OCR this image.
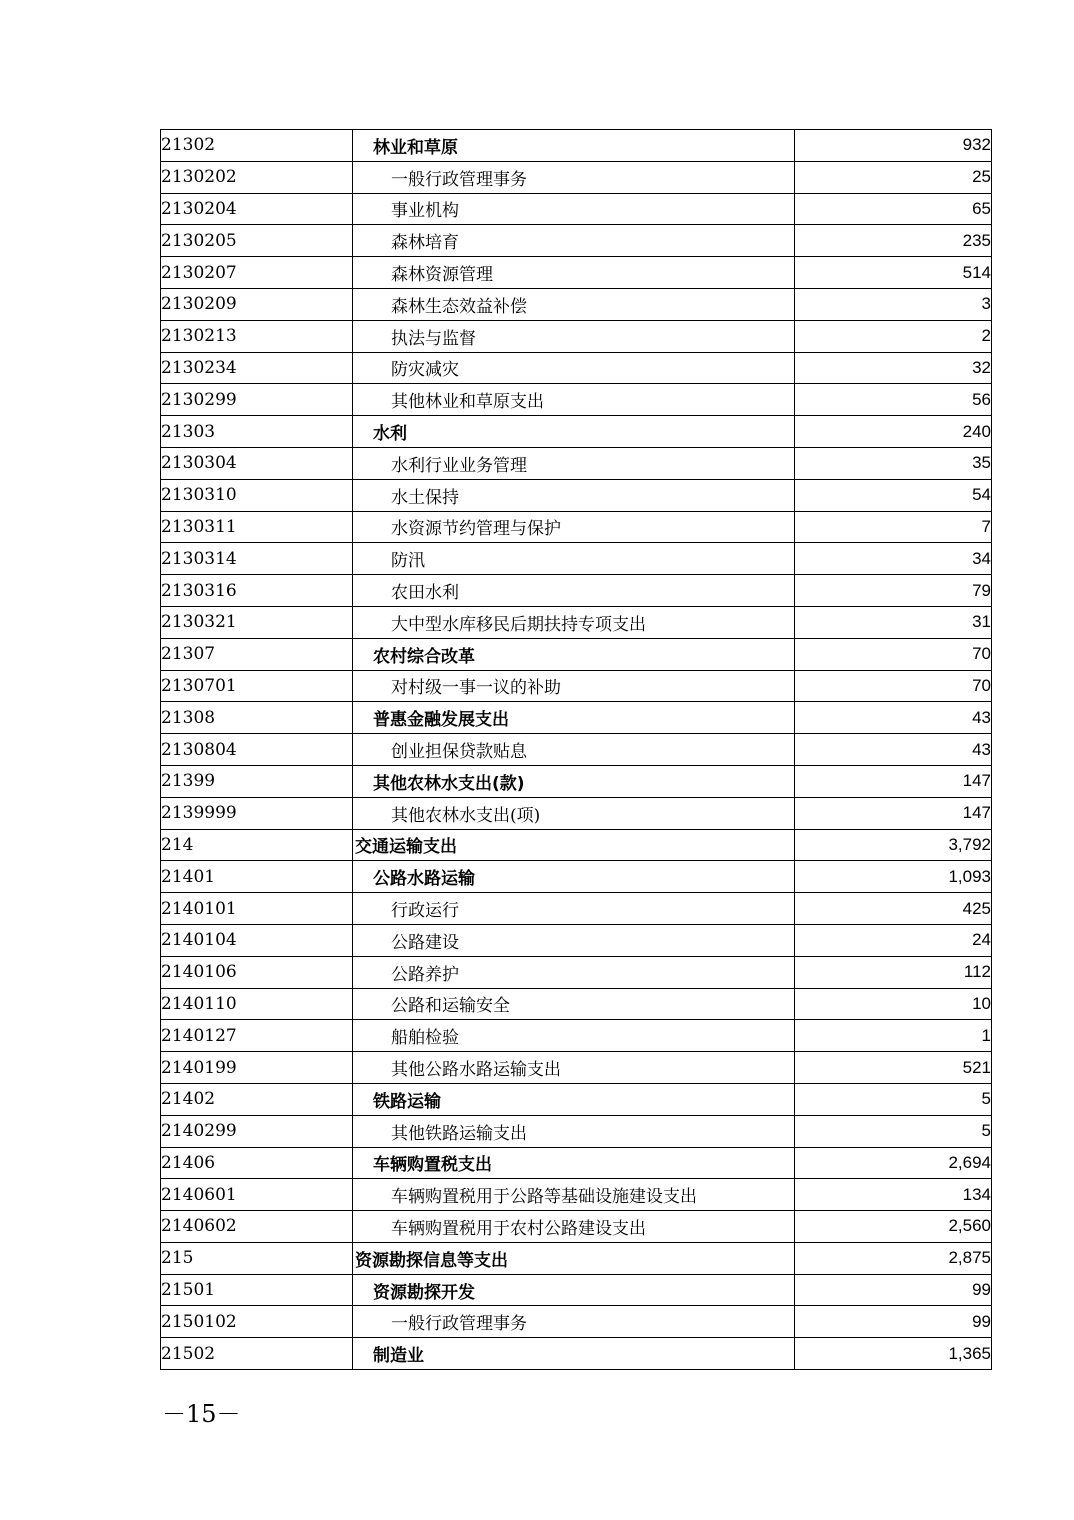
21302	林业和草原	932
2130202	一般行政管理事务	25
2130204	事业机构	65
2130205	森林培育	235
2130207	森林资源管理	514
2130209	森林生态效益补偿	3
2130213	执法与监督	2
2130234	防灾减灾	32
2130299	其他林业和草原支出	56
21303	水利	240
2130304	水利行业业务管理	35
2130310	水土保持	54
2130311	水资源节约管理与保护	7
2130314	防汛	34
2130316	农田水利	79
2130321	大中型水库移民后期扶持专项支出	31
21307	农村综合改革	70
2130701	对村级一事一议的补助	70
21308	普惠金融发展支出	43
2130804	创业担保贷款贴息	43
21399	其他农林水支出(款)	147
2139999	其他农林水支出(项)	147
214	交通运输支出	3,792
21401	公路水路运输	1,093
2140101	行政运行	425
2140104	公路建设	24
2140106	公路养护	112
2140110	公路和运输安全	10
2140127	船舶检验	1
2140199	其他公路水路运输支出	521
21402	铁路运输	5
2140299	其他铁路运输支出	5
21406	车辆购置税支出	2,694
2140601	车辆购置税用于公路等基础设施建设支出	134
2140602	车辆购置税用于农村公路建设支出	2,560
215	资源勘探信息等支出	2,875
21501	资源勘探开发	99
2150102	一般行政管理事务	99
21502	制造业	1,365
－15－
